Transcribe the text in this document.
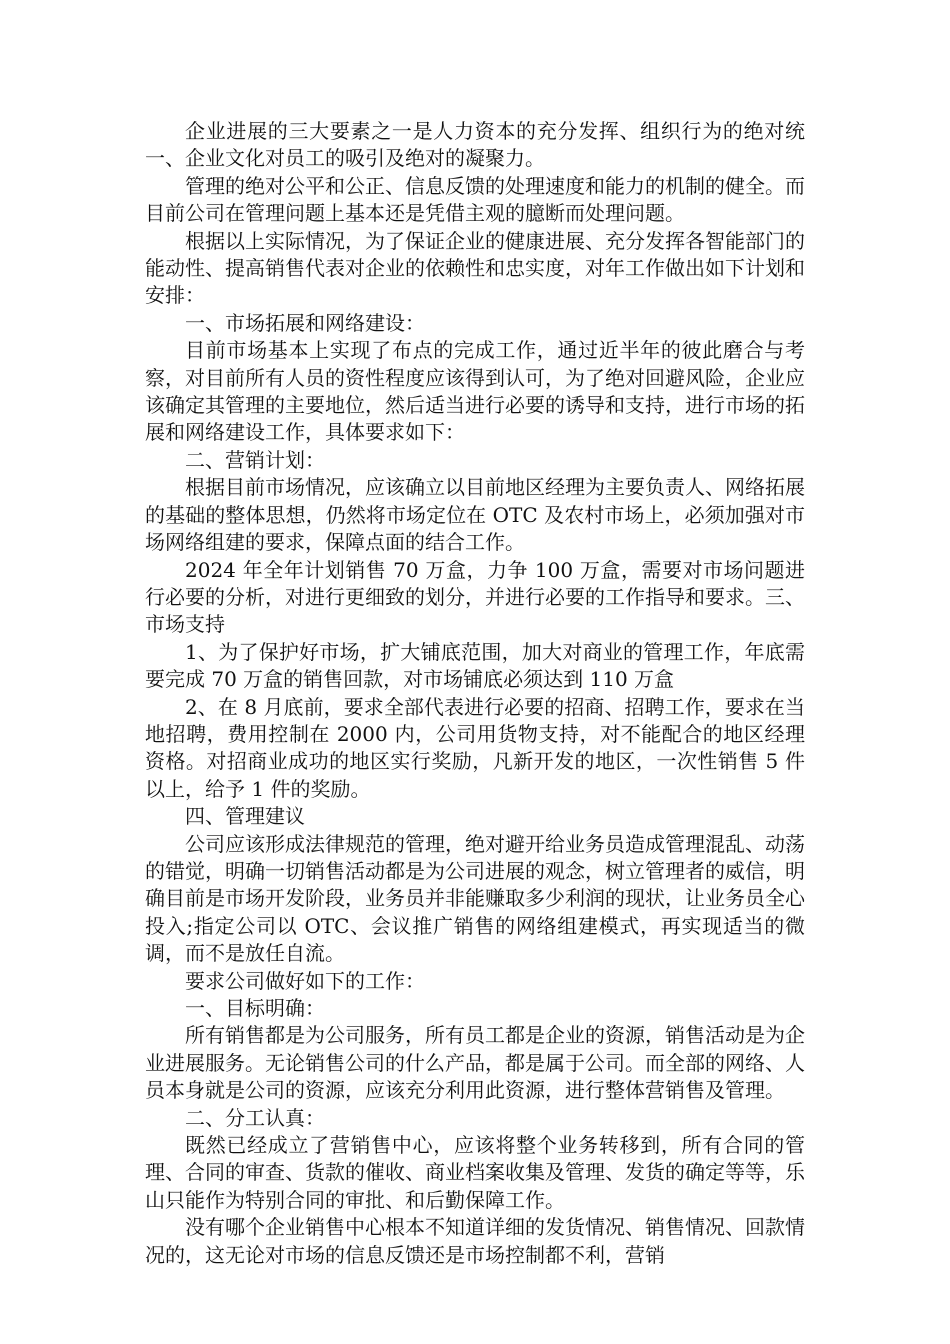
企业进展的三大要素之一是人力资本的充分发挥、组织行为的绝对统一、企业文化对员工的吸引及绝对的凝聚力。

管理的绝对公平和公正、信息反馈的处理速度和能力的机制的健全。而目前公司在管理问题上基本还是凭借主观的臆断而处理问题。

根据以上实际情况，为了保证企业的健康进展、充分发挥各智能部门的能动性、提高销售代表对企业的依赖性和忠实度，对年工作做出如下计划和安排：

一、市场拓展和网络建设：

目前市场基本上实现了布点的完成工作，通过近半年的彼此磨合与考察，对目前所有人员的资性程度应该得到认可，为了绝对回避风险，企业应该确定其管理的主要地位，然后适当进行必要的诱导和支持，进行市场的拓展和网络建设工作，具体要求如下：

二、营销计划：

根据目前市场情况，应该确立以目前地区经理为主要负责人、网络拓展的基础的整体思想，仍然将市场定位在 OTC 及农村市场上，必须加强对市场网络组建的要求，保障点面的结合工作。

2024 年全年计划销售 70 万盒，力争 100 万盒，需要对市场问题进行必要的分析，对进行更细致的划分，并进行必要的工作指导和要求。三、市场支持

1、为了保护好市场，扩大铺底范围，加大对商业的管理工作，年底需要完成 70 万盒的销售回款，对市场铺底必须达到 110 万盒

2、在 8 月底前，要求全部代表进行必要的招商、招聘工作，要求在当地招聘，费用控制在 2000 内，公司用货物支持，对不能配合的地区经理资格。对招商业成功的地区实行奖励，凡新开发的地区，一次性销售 5 件以上，给予 1 件的奖励。

四、管理建议

公司应该形成法律规范的管理，绝对避开给业务员造成管理混乱、动荡的错觉，明确一切销售活动都是为公司进展的观念，树立管理者的威信，明确目前是市场开发阶段，业务员并非能赚取多少利润的现状，让业务员全心投入;指定公司以 OTC、会议推广销售的网络组建模式，再实现适当的微调，而不是放任自流。

要求公司做好如下的工作：

一、目标明确：

所有销售都是为公司服务，所有员工都是企业的资源，销售活动是为企业进展服务。无论销售公司的什么产品，都是属于公司。而全部的网络、人员本身就是公司的资源，应该充分利用此资源，进行整体营销售及管理。

二、分工认真：

既然已经成立了营销售中心，应该将整个业务转移到，所有合同的管理、合同的审查、货款的催收、商业档案收集及管理、发货的确定等等，乐山只能作为特别合同的审批、和后勤保障工作。

没有哪个企业销售中心根本不知道详细的发货情况、销售情况、回款情况的，这无论对市场的信息反馈还是市场控制都不利，营销
